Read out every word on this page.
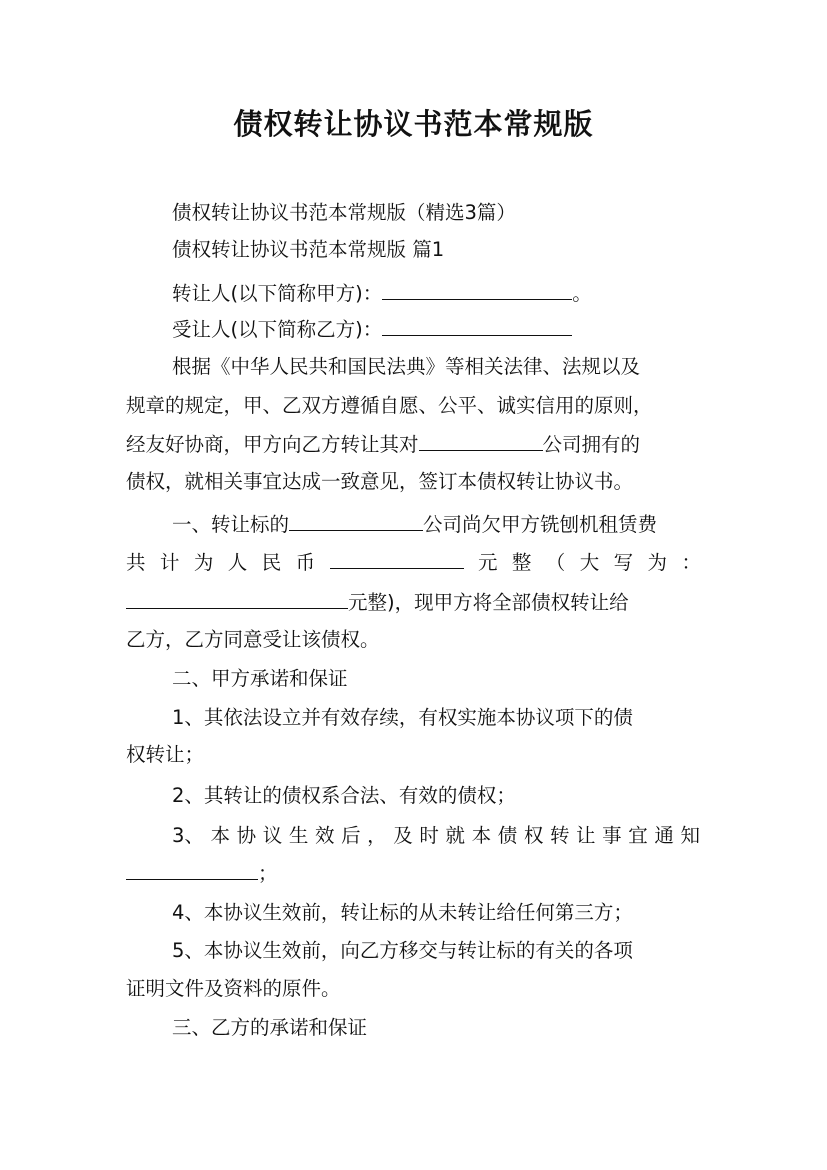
债权转让协议书范本常规版
债权转让协议书范本常规版（精选3篇）
债权转让协议书范本常规版 篇1
转让人(以下简称甲方)：	。
受让人(以下简称乙方)：
根据《中华人民共和国民法典》等相关法律、法规以及
规章的规定，甲、乙双方遵循自愿、公平、诚实信用的原则，
经友好协商，甲方向乙方转让其对	公司拥有的
债权，就相关事宜达成一致意见，签订本债权转让协议书。
一、转让标的	公司尚欠甲方铣刨机租赁费
共 计 为 人 民 币	元 整 （ 大 写 为 ：
元整)，现甲方将全部债权转让给
乙方，乙方同意受让该债权。
二、甲方承诺和保证
1、其依法设立并有效存续，有权实施本协议项下的债
权转让；
2、其转让的债权系合法、有效的债权；
3、 本 协 议 生 效 后 ， 及 时 就 本 债 权 转 让 事 宜 通 知
；
4、本协议生效前，转让标的从未转让给任何第三方；
5、本协议生效前，向乙方移交与转让标的有关的各项
证明文件及资料的原件。
三、乙方的承诺和保证
